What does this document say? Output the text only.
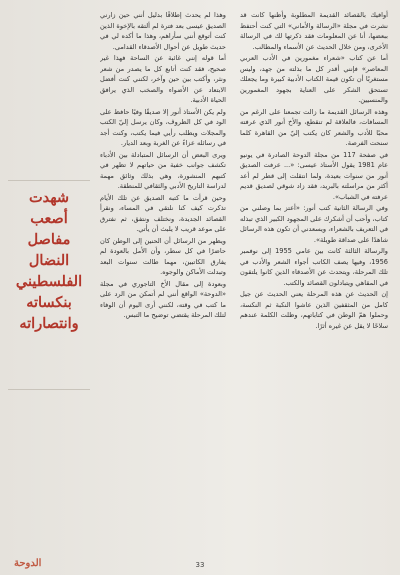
أوافيك بالقصائد القديمة المطلوبة وأظنها كانت قد نشرت في مجلة «الرسالة والأماني» التي كنت أحتفظ ببعضها، أنا عن المعلومات فقد ذكرتها لك في الرسالة الأخرى، ومن خلال الحديث عن الأسماء والمطالب.

أما عن كتاب «شعراء مغمورين في الأدب العربي المعاصر» فإنني أقدر كل ما بذلته من جهد، وليس مستغربًا أن تكون قيمة الكتاب الأدبية كبيرة وما يجعلك تستحق الشكر على العناية بجهود المغمورين والمنسيين.

وهذه الرسائل القديمة ما زالت تجمعنا على الرغم من المسافات، فالعلاقة لم تنقطع، والأخ أنور الذي عرفته محبًا للأدب والشعر كان يكتب إليّ من القاهرة كلما سنحت الفرصة.

في صفحة 117 من مجلة الدوحة الصادرة في يونيو عام 1981 يقول الأستاذ عيسى: «... عرفت الصديق أنور من سنوات بعيدة، ولما انتقلت إلى قطر لم أعد أكثر من مراسلته بالبريد، فقد زاد شوقي لصديق قديم عرفته في الشباب».

وفي الرسالة الثانية كتب أنور: «أعتز بما وصلني من كتاب، وأحب أن أشكرك على المجهود الكبير الذي تبذله في التعريف بالشعراء، ويسعدني أن تكون هذه الرسائل شاهدًا على صداقة طويلة».

والرسالة الثالثة كانت بين عامي 1955 إلى نوفمبر 1956، وفيها يصف الكاتب أجواء الشعر والأدب في تلك المرحلة، ويتحدث عن الأصدقاء الذين كانوا يلتقون في المقاهي ويتبادلون القصائد والكتب.

إن الحديث عن هذه المرحلة يعني الحديث عن جيل كامل من المثقفين الذين عاشوا النكبة ثم النكسة، وحملوا همّ الوطن في كتاباتهم، وظلت الكلمة عندهم سلاحًا لا يقل عن غيره أثرًا.

وهذا لم يحدث إطلاقًا بدليل أنني حين زارني الصديق عيسى بعد فترة لم ألتقه بالإخوة الذين كنت أتوقع أنني سأراهم، وهذا ما أكده لي في حديث طويل عن أحوال الأصدقاء القدامى.

أما قوله إنني غائبة عن الساحة فهذا غير صحيح، فقد كنت أتابع كل ما يصدر من شعر ونثر، وأكتب بين حين وآخر، لكنني كنت أفضل الابتعاد عن الأضواء والصخب الذي يرافق الحياة الأدبية.

ولم يكن الأستاذ أنور إلا صديقًا وفيًا حافظ على الود في كل الظروف، وكان يرسل إليّ الكتب والمجلات ويطلب رأيي فيما يكتب، وكنت أجد في رسائله عزاءً عن الغربة وبعد الديار.

ويرى البعض أن الرسائل المتبادلة بين الأدباء تكشف جوانب خفية من حياتهم لا تظهر في كتبهم المنشورة، وهي بذلك وثائق مهمة لدراسة التاريخ الأدبي والثقافي للمنطقة.

وحين قرأت ما كتبه الصديق عن تلك الأيام تذكرت كيف كنا نلتقي في المساء، ونقرأ القصائد الجديدة، ونختلف ونتفق، ثم نفترق على موعد قريب لا يلبث أن يأتي.

ويظهر من الرسائل أن الحنين إلى الوطن كان حاضرًا في كل سطر، وأن الأمل بالعودة لم يفارق الكاتبين، مهما طالت سنوات البعد وتبدلت الأماكن والوجوه.

وبعودة إلى مقال الأخ التاجوري في مجلة «الدوحة» الواقع أنني لم أتمكن من الرد على ما كتب في وقته، لكنني أرى اليوم أن الوفاء لتلك المرحلة يقتضي توضيح ما التبس.

شهدت أصعب مفاصل النضال الفلسطيني بنكساته وانتصاراته
الدوحة	33
